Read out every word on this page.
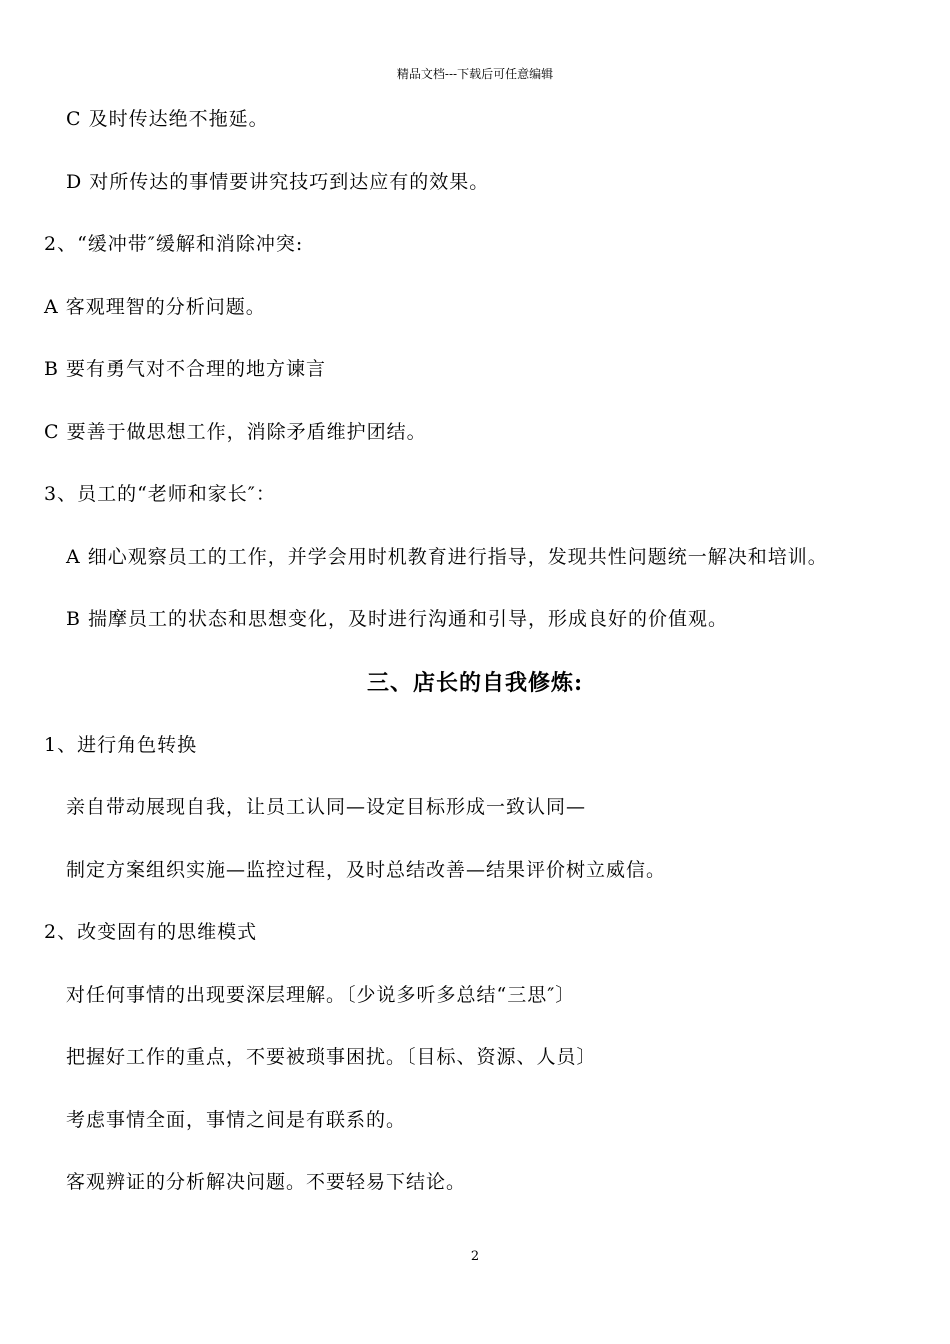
精品文档---下载后可任意编辑
C 及时传达绝不拖延。
D 对所传达的事情要讲究技巧到达应有的效果。
2、“缓冲带″缓解和消除冲突:
A 客观理智的分析问题。
B 要有勇气对不合理的地方谏言
C 要善于做思想工作，消除矛盾维护团结。
3、员工的“老师和家长″：
A 细心观察员工的工作，并学会用时机教育进行指导，发现共性问题统一解决和培训。
B 揣摩员工的状态和思想变化，及时进行沟通和引导，形成良好的价值观。
三、店长的自我修炼:
1、进行角色转换
亲自带动展现自我，让员工认同—设定目标形成一致认同—
制定方案组织实施—监控过程，及时总结改善—结果评价树立威信。
2、改变固有的思维模式
对任何事情的出现要深层理解。〔少说多听多总结“三思″〕
把握好工作的重点，不要被琐事困扰。〔目标、资源、人员〕
考虑事情全面，事情之间是有联系的。
客观辨证的分析解决问题。不要轻易下结论。
2
